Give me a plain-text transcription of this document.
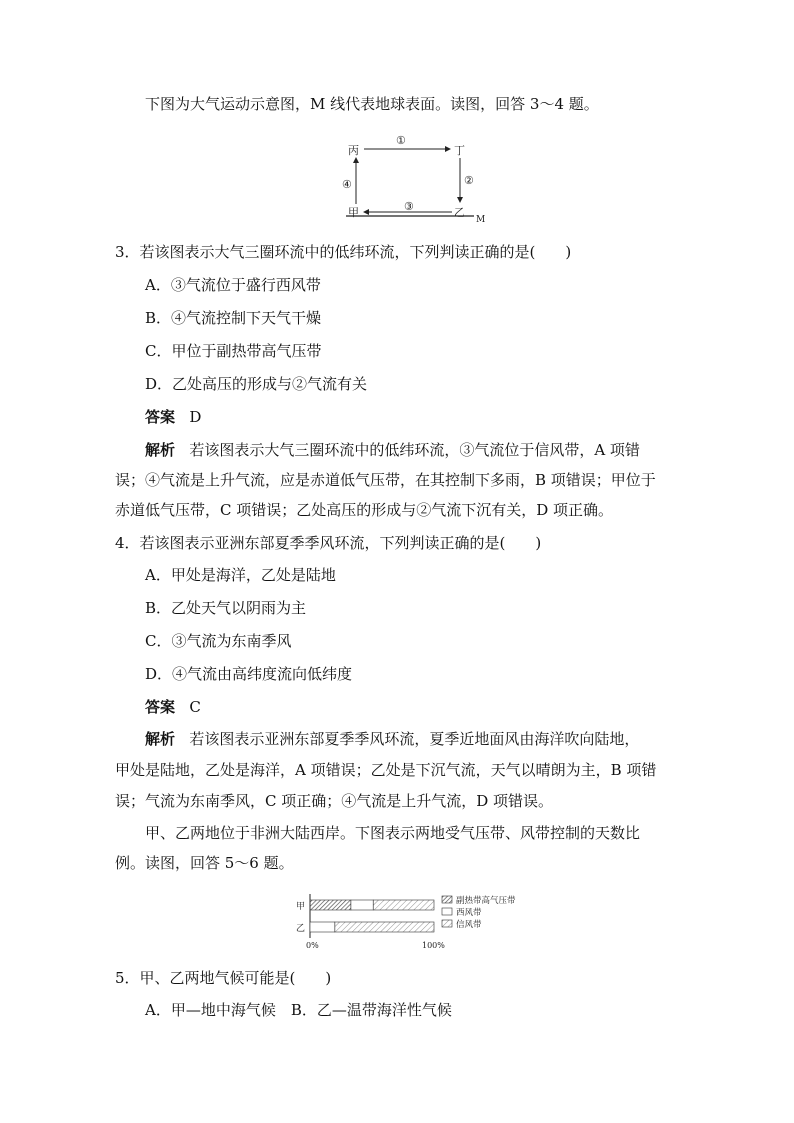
下图为大气运动示意图，M 线代表地球表面。读图，回答 3～4 题。
丙	丁
甲	乙
M
①
②
③
④
3．若该图表示大气三圈环流中的低纬环流，下列判读正确的是(　　)
A．③气流位于盛行西风带
B．④气流控制下天气干燥
C．甲位于副热带高气压带
D．乙处高压的形成与②气流有关
答案 D
解析 若该图表示大气三圈环流中的低纬环流，③气流位于信风带，A 项错
误；④气流是上升气流，应是赤道低气压带，在其控制下多雨，B 项错误；甲位于
赤道低气压带，C 项错误；乙处高压的形成与②气流下沉有关，D 项正确。
4．若该图表示亚洲东部夏季季风环流，下列判读正确的是(　　)
A．甲处是海洋，乙处是陆地
B．乙处天气以阴雨为主
C．③气流为东南季风
D．④气流由高纬度流向低纬度
答案 C
解析 若该图表示亚洲东部夏季季风环流，夏季近地面风由海洋吹向陆地，
甲处是陆地，乙处是海洋，A 项错误；乙处是下沉气流，天气以晴朗为主，B 项错
误；气流为东南季风，C 项正确；④气流是上升气流，D 项错误。
甲、乙两地位于非洲大陆西岸。下图表示两地受气压带、风带控制的天数比
例。读图，回答 5～6 题。
甲
乙
0%	100%
副热带高气压带
西风带
信风带
5．甲、乙两地气候可能是(　　)
A．甲—地中海气候　B．乙—温带海洋性气候
